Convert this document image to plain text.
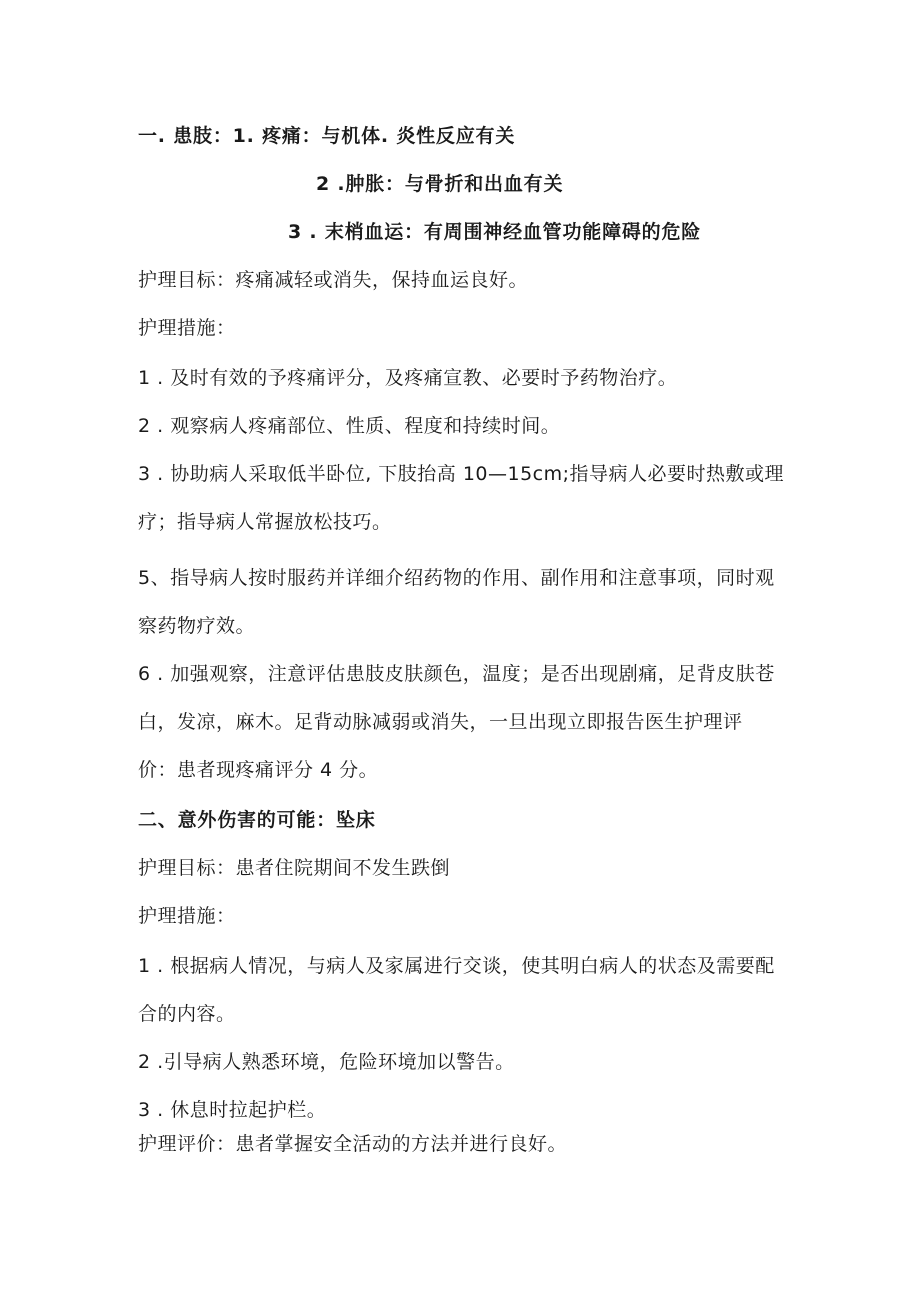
一. 患肢：1. 疼痛：与机体. 炎性反应有关
2 .肿胀：与骨折和出血有关
3 . 末梢血运：有周围神经血管功能障碍的危险
护理目标：疼痛减轻或消失，保持血运良好。
护理措施：
1 . 及时有效的予疼痛评分，及疼痛宣教、必要时予药物治疗。
2 . 观察病人疼痛部位、性质、程度和持续时间。
3 . 协助病人采取低半卧位, 下肢抬高 10—15cm;指导病人必要时热敷或理
疗；指导病人常握放松技巧。
5、指导病人按时服药并详细介绍药物的作用、副作用和注意事项，同时观
察药物疗效。
6 . 加强观察，注意评估患肢皮肤颜色，温度；是否出现剧痛，足背皮肤苍
白，发凉，麻木。足背动脉减弱或消失，一旦出现立即报告医生护理评
价：患者现疼痛评分 4 分。
二、意外伤害的可能：坠床
护理目标：患者住院期间不发生跌倒
护理措施：
1 . 根据病人情况，与病人及家属进行交谈，使其明白病人的状态及需要配
合的内容。
2 .引导病人熟悉环境，危险环境加以警告。
3 . 休息时拉起护栏。
护理评价：患者掌握安全活动的方法并进行良好。
